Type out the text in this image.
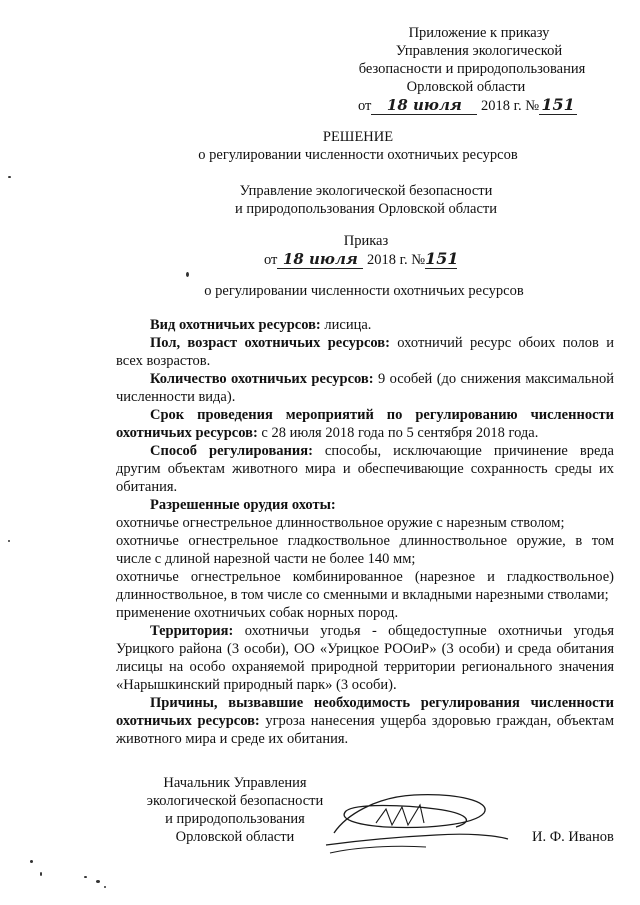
Приложение к приказу
Управления экологической
безопасности и природопользования
Орловской области
от 18 июля 2018 г. № 151
РЕШЕНИЕ
о регулировании численности охотничьих ресурсов
Управление экологической безопасности
и природопользования Орловской области
Приказ
от 18 июля 2018 г. №151
о регулировании численности охотничьих ресурсов
Вид охотничьих ресурсов: лисица.
Пол, возраст охотничьих ресурсов: охотничий ресурс обоих полов и всех возрастов.
Количество охотничьих ресурсов: 9 особей (до снижения максимальной численности вида).
Срок проведения мероприятий по регулированию численности охотничьих ресурсов: с 28 июля 2018 года по 5 сентября 2018 года.
Способ регулирования: способы, исключающие причинение вреда другим объектам животного мира и обеспечивающие сохранность среды их обитания.
Разрешенные орудия охоты:
охотничье огнестрельное длинноствольное оружие с нарезным стволом;
охотничье огнестрельное гладкоствольное длинноствольное оружие, в том числе с длиной нарезной части не более 140 мм;
охотничье огнестрельное комбинированное (нарезное и гладкоствольное) длинноствольное, в том числе со сменными и вкладными нарезными стволами;
применение охотничьих собак норных пород.
Территория: охотничьи угодья - общедоступные охотничьи угодья Урицкого района (3 особи), ОО «Урицкое РООиР» (3 особи) и среда обитания лисицы на особо охраняемой природной территории регионального значения «Нарышкинский природный парк» (3 особи).
Причины, вызвавшие необходимость регулирования численности охотничьих ресурсов: угроза нанесения ущерба здоровью граждан, объектам животного мира и среде их обитания.
Начальник Управления
экологической безопасности
и природопользования
Орловской области	И. Ф. Иванов
